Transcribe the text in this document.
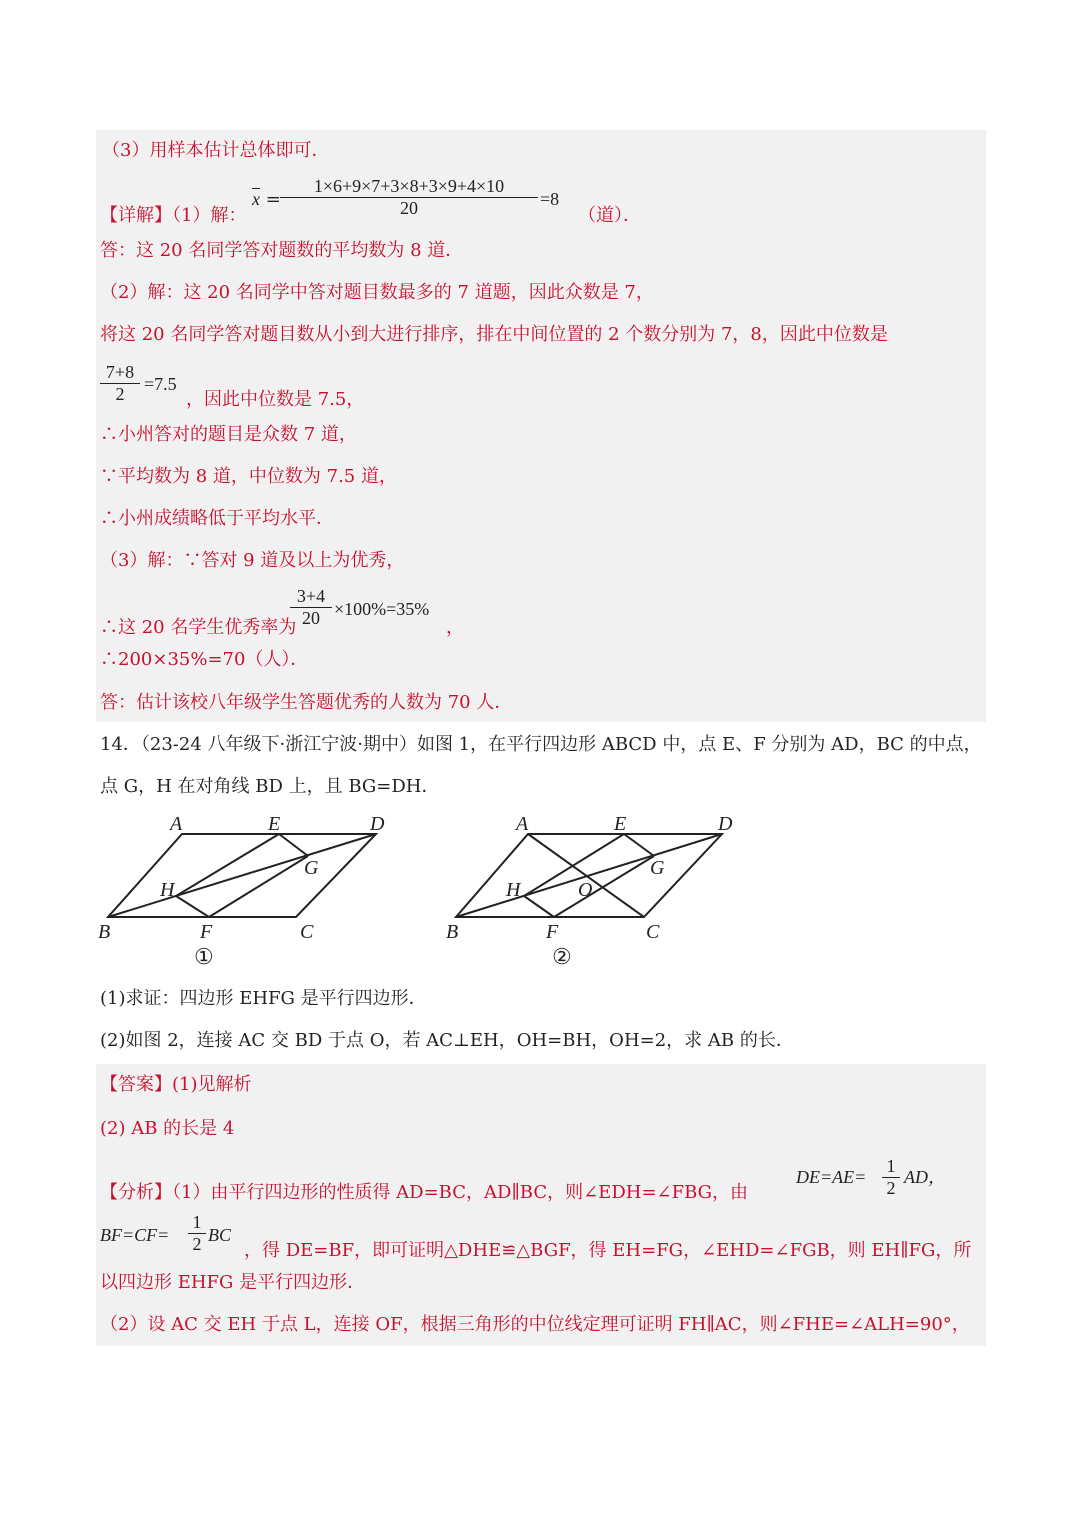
（3）用样本估计总体即可．
$\overline{x} = \frac{1\times 6+9\times 7+3\times 8+3\times 9+4\times 10}{20} =8$
【详解】（1）解：	（道）．
答：这 20 名同学答对题数的平均数为 8 道．
（2）解：这 20 名同学中答对题目数最多的 7 道题，因此众数是 7，
将这 20 名同学答对题目数从小到大进行排序，排在中间位置的 2 个数分别为 7，8，因此中位数是
$\frac{7+8}{2} =7.5$
，因此中位数是 7.5，
∴小州答对的题目是众数 7 道，
∵平均数为 8 道，中位数为 7.5 道，
∴小州成绩略低于平均水平．
（3）解：∵答对 9 道及以上为优秀，
$\frac{3+4}{20} \times 100\%=35\%$
∴这 20 名学生优秀率为	，
∴200×35%=70（人）．
答：估计该校八年级学生答题优秀的人数为 70 人．
14．（23-24 八年级下·浙江宁波·期中）如图 1，在平行四边形 ABCD 中，点 E、F 分别为 AD，BC 的中点，
点 G，H 在对角线 BD 上，且 BG=DH．
A	E	D
G
H
B	F	C
①
A	E	D
G
H	O
B	F	C
②
(1)求证：四边形 EHFG 是平行四边形．
(2)如图 2，连接 AC 交 BD 于点 O，若 AC⊥EH，OH=BH，OH=2，求 AB 的长．
【答案】(1)见解析
(2) AB 的长是 4
【分析】（1）由平行四边形的性质得 AD=BC，AD∥BC，则∠EDH=∠FBG，由
$DE=AE= \frac{1}{2}$ AD，
$BF=CF= \frac{1}{2}$ BC
，得 DE=BF，即可证明△DHE≌△BGF，得 EH=FG，∠EHD=∠FGB，则 EH∥FG，所
以四边形 EHFG 是平行四边形．
（2）设 AC 交 EH 于点 L，连接 OF，根据三角形的中位线定理可证明 FH∥AC，则∠FHE=∠ALH=90°，
